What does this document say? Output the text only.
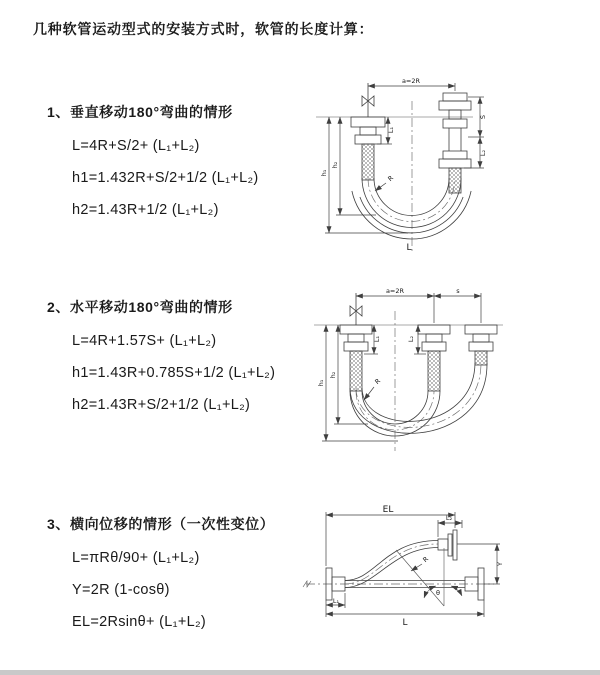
几种软管运动型式的安装方式时，软管的长度计算：
1、垂直移动180°弯曲的情形
L=4R+S/2+ (L₁+L₂)
h1=1.432R+S/2+1/2 (L₁+L₂)
h2=1.43R+1/2 (L₁+L₂)
2、水平移动180°弯曲的情形
L=4R+1.57S+ (L₁+L₂)
h1=1.43R+0.785S+1/2 (L₁+L₂)
h2=1.43R+S/2+1/2 (L₁+L₂)
3、横向位移的情形（一次性变位）
L=πRθ/90+ (L₁+L₂)
Y=2R (1-cosθ)
EL=2Rsinθ+ (L₁+L₂)
a=2R
S
L₂
L₁
h₂
h₁
R
L
a=2R	s
L₁	L₂
h₂
h₁	R
EL
L₂
Y
L
L₁
R
θ
